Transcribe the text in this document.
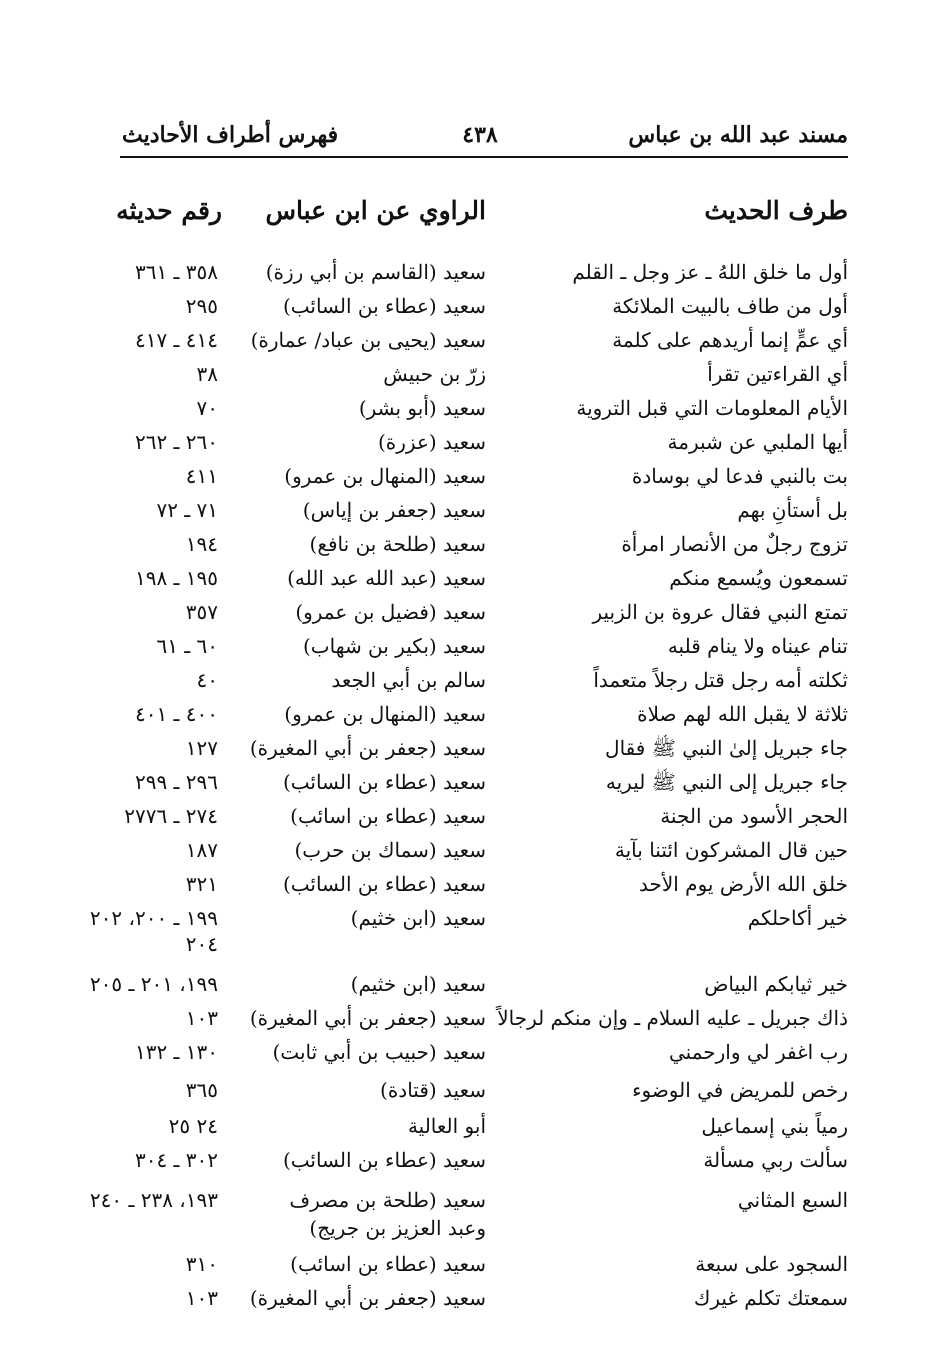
مسند عبد الله بن عباس
٤٣٨
فهرس أطراف الأحاديث
طرف الحديث
الراوي عن ابن عباس
رقم حديثه
أول ما خلق اللهُ ـ عز وجل ـ القلم
سعيد (القاسم بن أبي رزة)
٣٥٨ ـ ٣٦١
أول من طاف بالبيت الملائكة
سعيد (عطاء بن السائب)
٢٩٥
أي عمٍّ إنما أريدهم على كلمة
سعيد (يحيى بن عباد/ عمارة)
٤١٤ ـ ٤١٧
أي القراءتين تقرأ
زرّ بن حبيش
٣٨
الأيام المعلومات التي قبل التروية
سعيد (أبو بشر)
٧٠
أيها الملبي عن شبرمة
سعيد (عزرة)
٢٦٠ ـ ٢٦٢
بت بالنبي فدعا لي بوسادة
سعيد (المنهال بن عمرو)
٤١١
بل أستأنِ بهم
سعيد (جعفر بن إياس)
٧١ ـ ٧٢
تزوج رجلٌ من الأنصار امرأة
سعيد (طلحة بن نافع)
١٩٤
تسمعون ويُسمع منكم
سعيد (عبد الله عبد الله)
١٩٥ ـ ١٩٨
تمتع النبي فقال عروة بن الزبير
سعيد (فضيل بن عمرو)
٣٥٧
تنام عيناه ولا ينام قلبه
سعيد (بكير بن شهاب)
٦٠ ـ ٦١
ثكلته أمه رجل قتل رجلاً متعمداً
سالم بن أبي الجعد
٤٠
ثلاثة لا يقبل الله لهم صلاة
سعيد (المنهال بن عمرو)
٤٠٠ ـ ٤٠١
جاء جبريل إلىٰ النبي ﷺ فقال
سعيد (جعفر بن أبي المغيرة)
١٢٧
جاء جبريل إلى النبي ﷺ ليريه
سعيد (عطاء بن السائب)
٢٩٦ ـ ٢٩٩
الحجر الأسود من الجنة
سعيد (عطاء بن اسائب)
٢٧٤ ـ ٢٧٧٦
حين قال المشركون ائتنا بآية
سعيد (سماك بن حرب)
١٨٧
خلق الله الأرض يوم الأحد
سعيد (عطاء بن السائب)
٣٢١
خير أكاحلكم
سعيد (ابن خثيم)
١٩٩ ـ ٢٠٠، ٢٠٢
٢٠٤
خير ثيابكم البياض
سعيد (ابن خثيم)
١٩٩، ٢٠١ ـ ٢٠٥
ذاك جبريل ـ عليه السلام ـ وإن منكم لرجالاً
سعيد (جعفر بن أبي المغيرة)
١٠٣
رب اغفر لي وارحمني
سعيد (حبيب بن أبي ثابت)
١٣٠ ـ ١٣٢
رخص للمريض في الوضوء
سعيد (قتادة)
٣٦٥
رمياً بني إسماعيل
أبو العالية
٢٤ ٢٥
سألت ربي مسألة
سعيد (عطاء بن السائب)
٣٠٢ ـ ٣٠٤
السبع المثاني
سعيد (طلحة بن مصرف
١٩٣، ٢٣٨ ـ ٢٤٠
وعبد العزيز بن جريج)
السجود على سبعة
سعيد (عطاء بن اسائب)
٣١٠
سمعتك تكلم غيرك
سعيد (جعفر بن أبي المغيرة)
١٠٣
